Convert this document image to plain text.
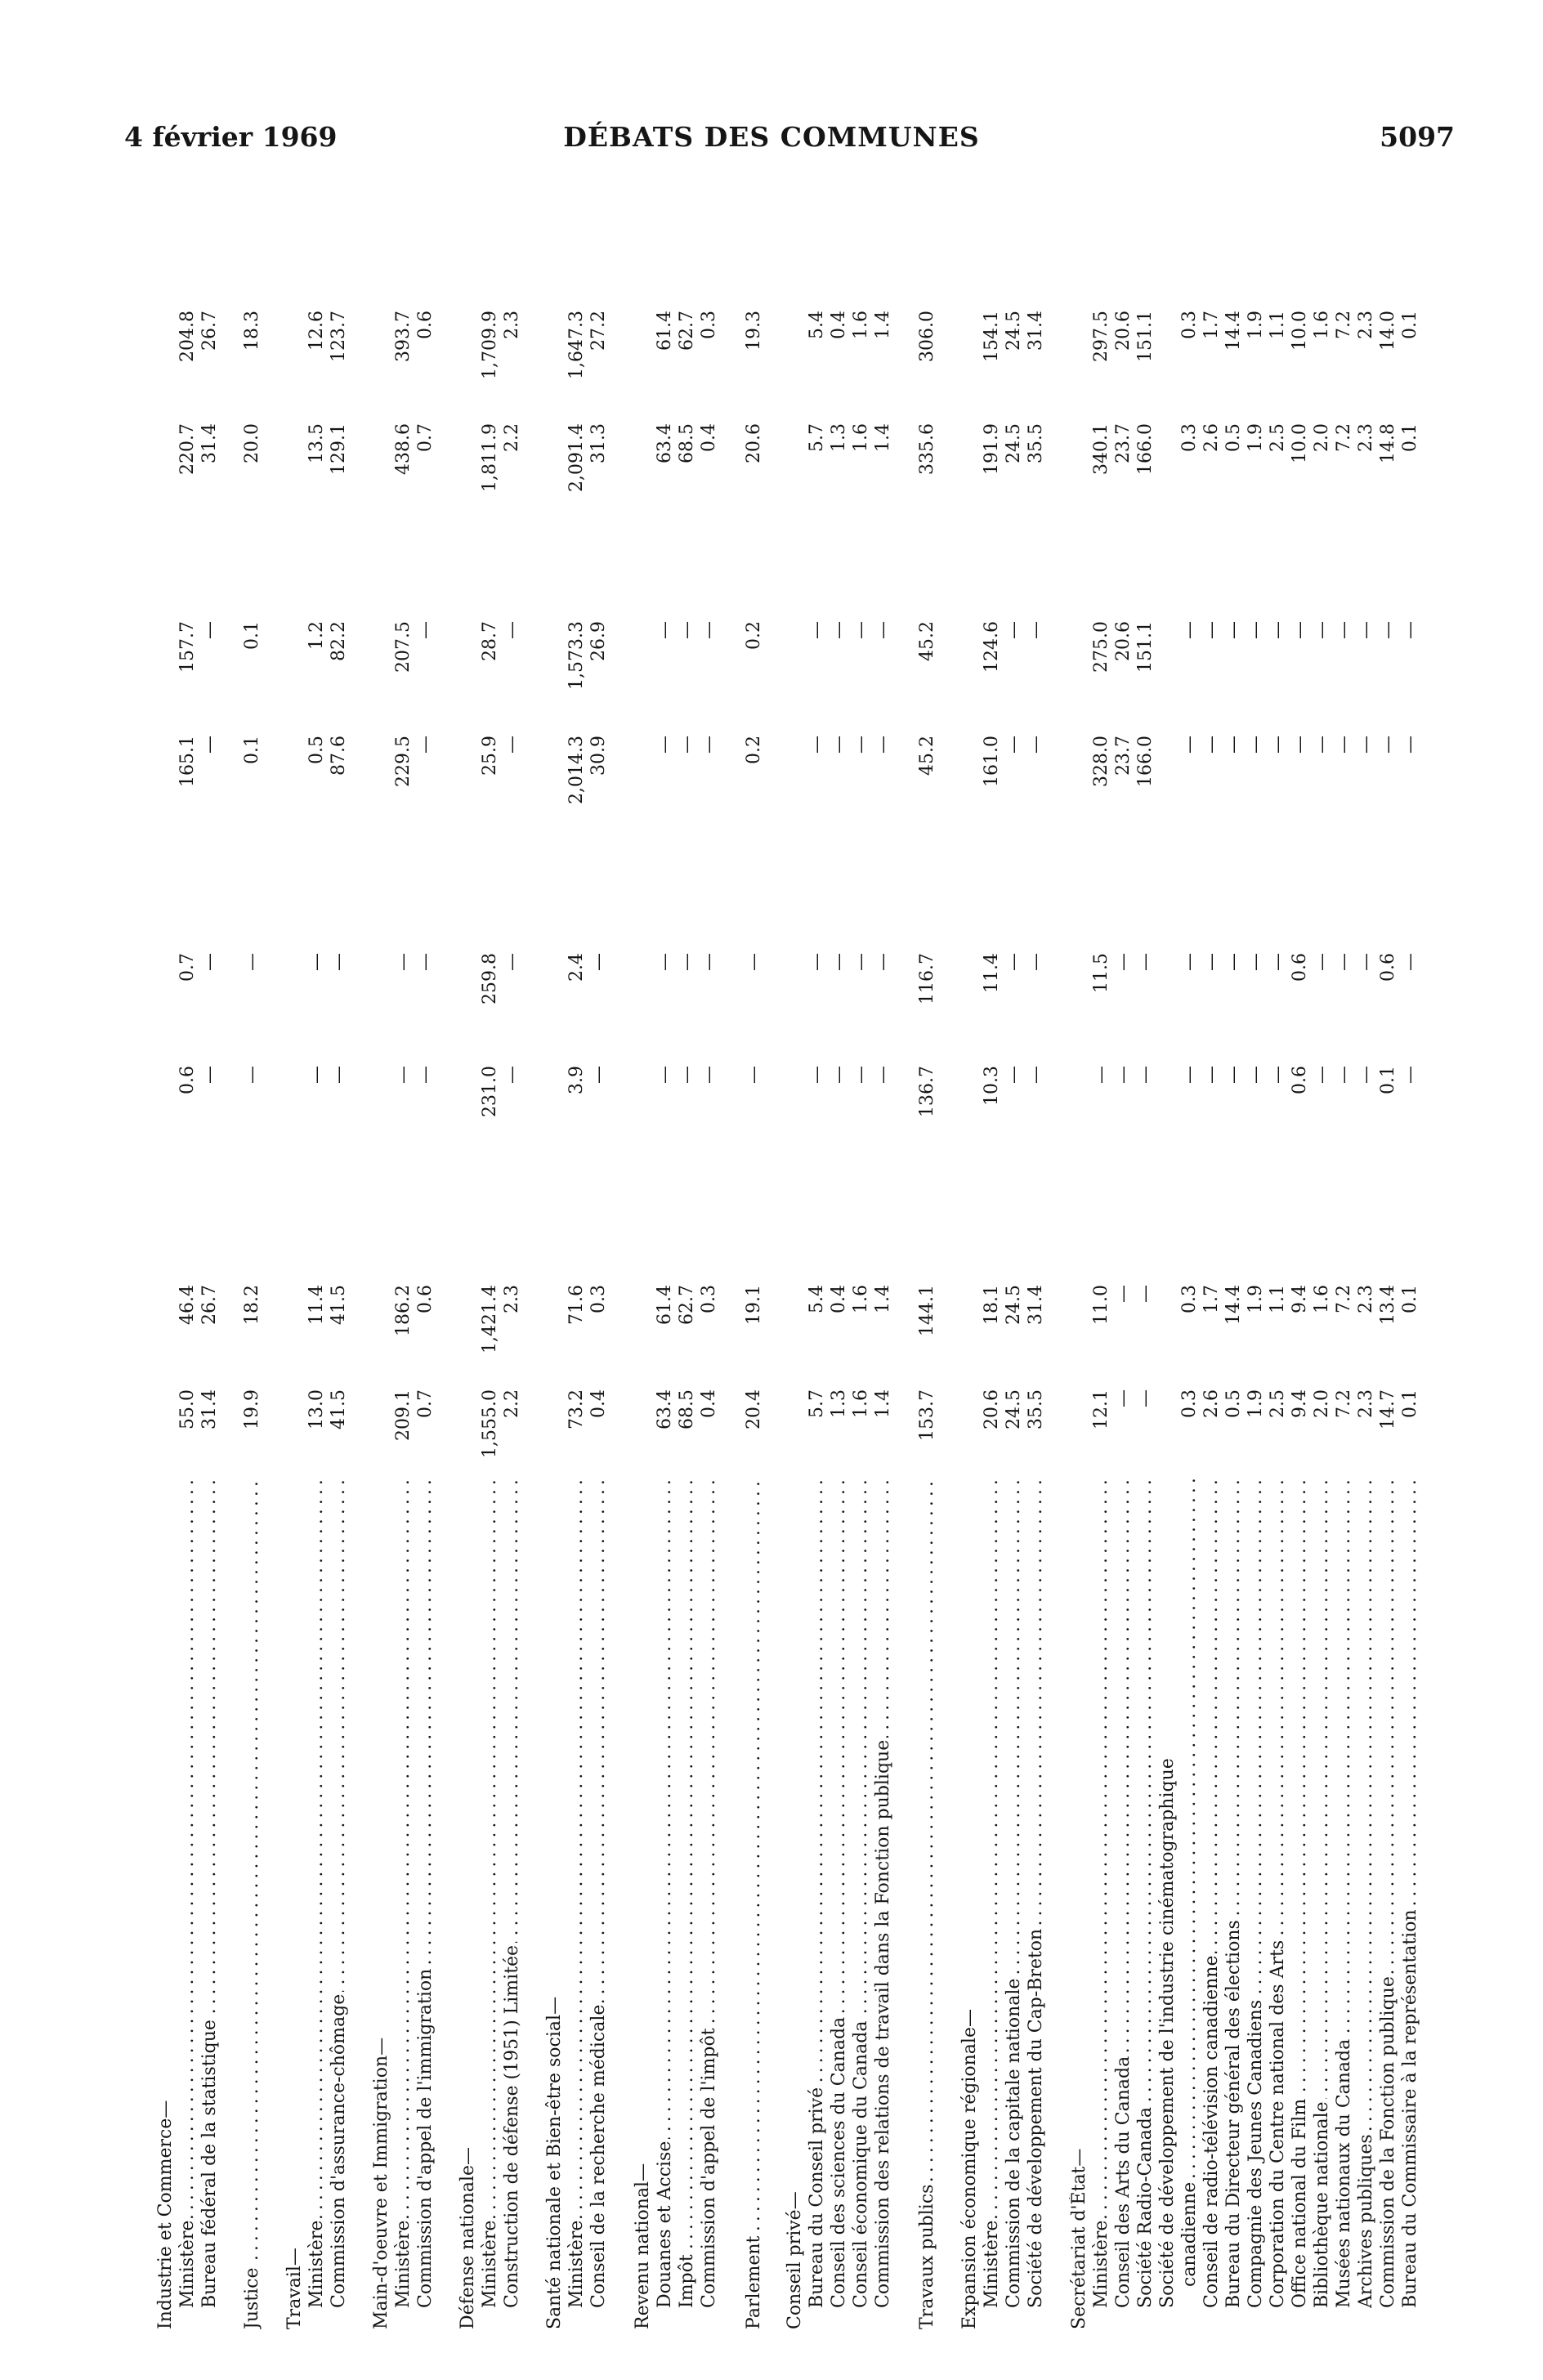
4 février 1969	DÉBATS DES COMMUNES	5097
Industrie et Commerce— Ministère . . .
55.0
46.4
0.6
0.7
165.1
157.7
220.7
204.8
Bureau fédéral de la statistique . . .
31.4
26.7
—
—
—
—
31.4
26.7
Justice . . .
19.9
18.2
—
—
0.1
0.1
20.0
18.3
Travail— Ministère . . .
13.0
11.4
—
—
0.5
1.2
13.5
12.6
Commission d'assurance-chômage . . .
41.5
41.5
—
—
87.6
82.2
129.1
123.7
Main-d'oeuvre et Immigration— Ministère . . .
209.1
186.2
—
—
229.5
207.5
438.6
393.7
Commission d'appel de l'immigration . . .
0.7
0.6
—
—
—
—
0.7
0.6
Défense nationale— Ministère . . .
1,555.0
1,421.4
231.0
259.8
25.9
28.7
1,811.9
1,709.9
Construction de défense (1951) Limitée . . .
2.2
2.3
—
—
—
—
2.2
2.3
Santé nationale et Bien-être social— Ministère . . .
73.2
71.6
3.9
2.4
2,014.3
1,573.3
2,091.4
1,647.3
Conseil de la recherche médicale . . .
0.4
0.3
—
—
30.9
26.9
31.3
27.2
Revenu national— Douanes et Accise . . .
63.4
61.4
—
—
—
—
63.4
61.4
Impôt . . .
68.5
62.7
—
—
—
—
68.5
62.7
Commission d'appel de l'impôt . . .
0.4
0.3
—
—
—
—
0.4
0.3
Parlement . . .
20.4
19.1
—
—
0.2
0.2
20.6
19.3
Conseil privé— Bureau du Conseil privé . . .
5.7
5.4
—
—
—
—
5.7
5.4
Conseil des sciences du Canada . . .
1.3
0.4
—
—
—
—
1.3
0.4
Conseil économique du Canada . . .
1.6
1.6
—
—
—
—
1.6
1.6
Commission des relations de travail dans la Fonction publique . . .
1.4
1.4
—
—
—
—
1.4
1.4
Travaux publics . . .
153.7
144.1
136.7
116.7
45.2
45.2
335.6
306.0
Expansion économique régionale— Ministère . . .
20.6
18.1
10.3
11.4
161.0
124.6
191.9
154.1
Commission de la capitale nationale . . .
24.5
24.5
—
—
—
—
24.5
24.5
Société de développement du Cap-Breton . . .
35.5
31.4
—
—
—
—
35.5
31.4
Secrétariat d'État— Ministère . . .
12.1
11.0
—
11.5
328.0
275.0
340.1
297.5
Conseil des Arts du Canada . . .
—
—
—
—
23.7
20.6
23.7
20.6
Société Radio-Canada . . .
—
—
—
—
166.0
151.1
166.0
151.1
Société de développement de l'industrie cinématographique canadienne . . .
0.3
0.3
—
—
—
—
0.3
0.3
Conseil de radio-télévision canadienne . . .
2.6
1.7
—
—
—
—
2.6
1.7
Bureau du Directeur général des élections . . .
0.5
14.4
—
—
—
—
0.5
14.4
Compagnie des Jeunes Canadiens . . .
1.9
1.9
—
—
—
—
1.9
1.9
Corporation du Centre national des Arts . . .
2.5
1.1
—
—
—
—
2.5
1.1
Office national du Film . . .
9.4
9.4
0.6
0.6
—
—
10.0
10.0
Bibliothèque nationale . . .
2.0
1.6
—
—
—
—
2.0
1.6
Musées nationaux du Canada . . .
7.2
7.2
—
—
—
—
7.2
7.2
Archives publiques . . .
2.3
2.3
—
—
—
—
2.3
2.3
Commission de la Fonction publique . . .
14.7
13.4
0.1
0.6
—
—
14.8
14.0
Bureau du Commissaire à la représentation . . .
0.1
0.1
—
—
—
—
0.1
0.1
